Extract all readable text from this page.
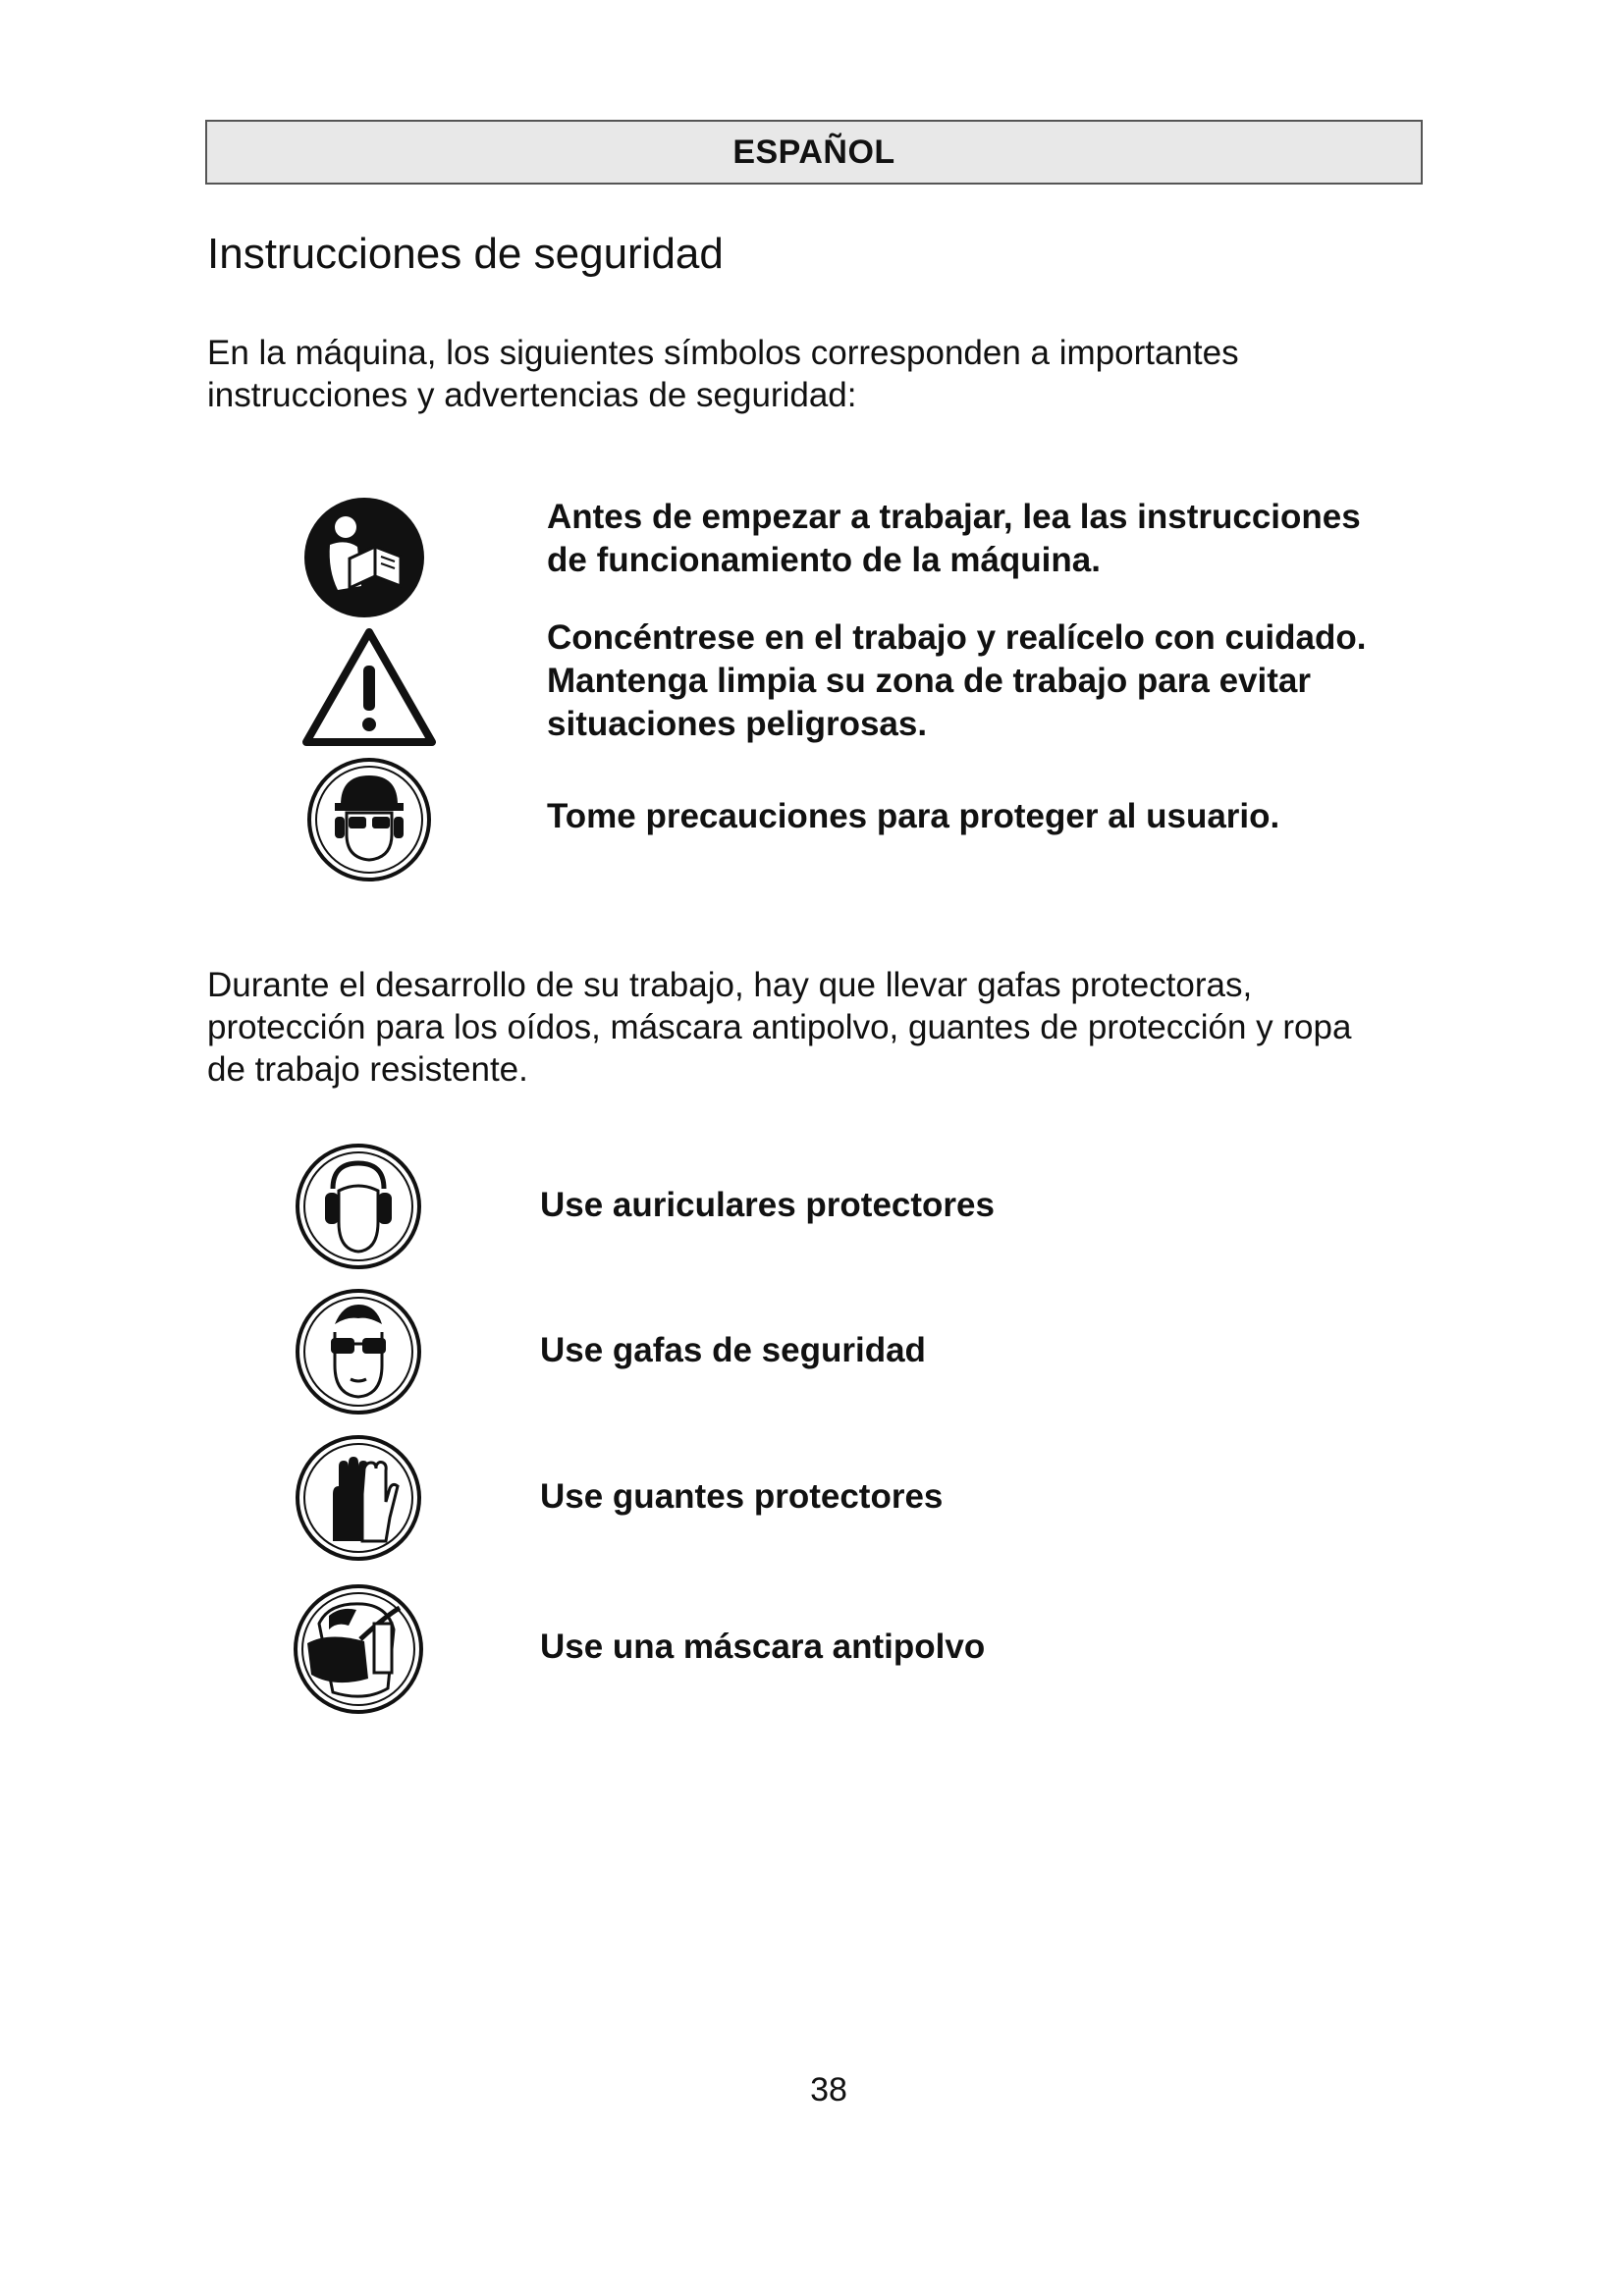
ESPAÑOL
Instrucciones de seguridad

En la máquina, los siguientes símbolos corresponden a importantes
instrucciones y advertencias de seguridad:

Antes de empezar a trabajar, lea las instrucciones
de funcionamiento de la máquina.

Concéntrese en el trabajo y realícelo con cuidado.
Mantenga limpia su zona de trabajo para evitar
situaciones peligrosas.

Tome precauciones para proteger al usuario.

Durante el desarrollo de su trabajo, hay que llevar gafas protectoras,
protección para los oídos, máscara antipolvo, guantes de protección y ropa
de trabajo resistente.

Use auriculares protectores

Use gafas de seguridad

Use guantes protectores

Use una máscara antipolvo

38
